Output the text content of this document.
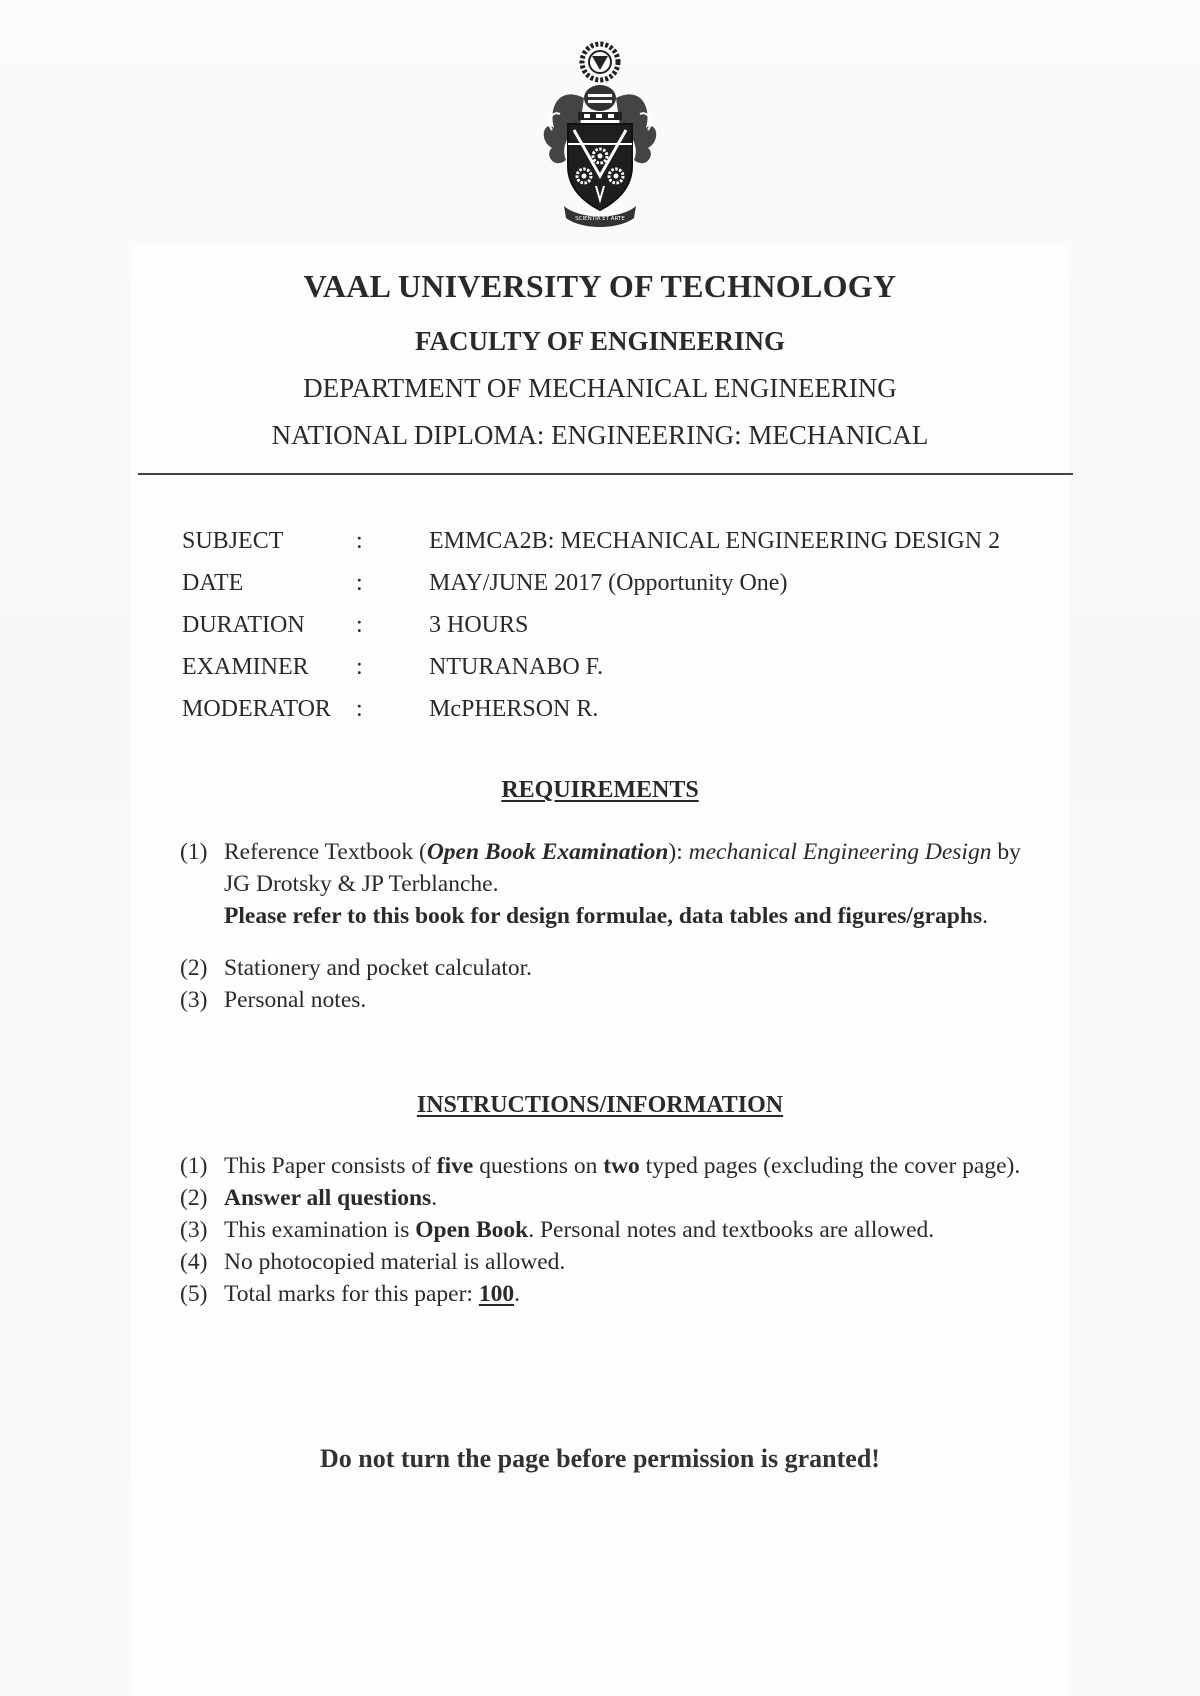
SCIENTIA ET ARTE
VAAL UNIVERSITY OF TECHNOLOGY
FACULTY OF ENGINEERING
DEPARTMENT OF MECHANICAL ENGINEERING
NATIONAL DIPLOMA: ENGINEERING: MECHANICAL
SUBJECT	:	EMMCA2B: MECHANICAL ENGINEERING DESIGN 2
DATE	:	MAY/JUNE 2017 (Opportunity One)
DURATION	:	3 HOURS
EXAMINER	:	NTURANABO F.
MODERATOR	:	McPHERSON R.
REQUIREMENTS
(1) Reference Textbook (Open Book Examination): mechanical Engineering Design by
JG Drotsky & JP Terblanche.
Please refer to this book for design formulae, data tables and figures/graphs.
(2) Stationery and pocket calculator.
(3) Personal notes.
INSTRUCTIONS/INFORMATION
(1) This Paper consists of five questions on two typed pages (excluding the cover page).
(2) Answer all questions.
(3) This examination is Open Book. Personal notes and textbooks are allowed.
(4) No photocopied material is allowed.
(5) Total marks for this paper: 100.

Do not turn the page before permission is granted!
